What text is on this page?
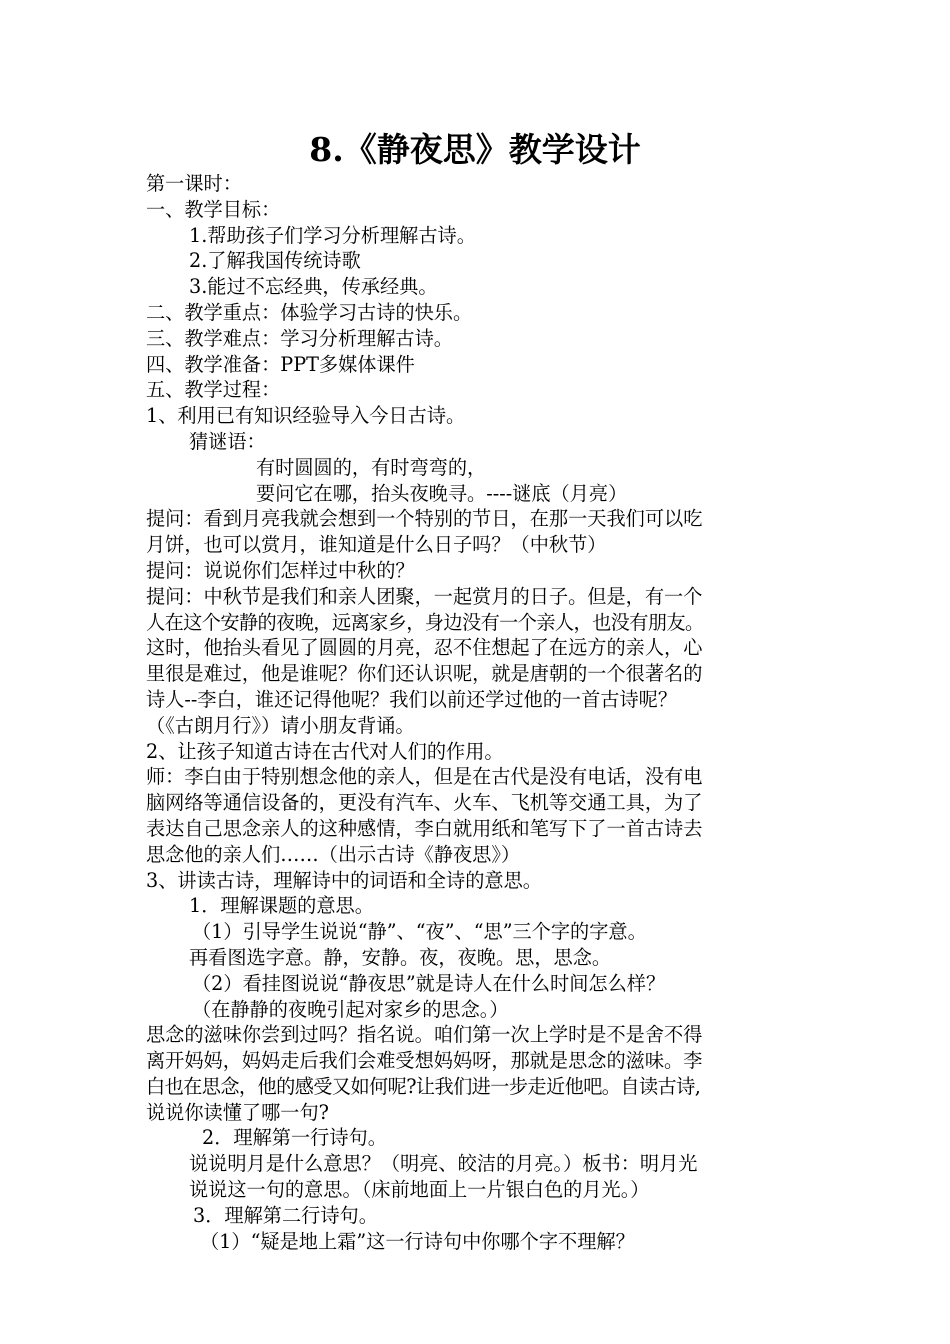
8.《静夜思》教学设计
第一课时：
一、教学目标：
1.帮助孩子们学习分析理解古诗。
2.了解我国传统诗歌
3.能过不忘经典，传承经典。
二、教学重点：体验学习古诗的快乐。
三、教学难点：学习分析理解古诗。
四、教学准备：PPT多媒体课件
五、教学过程：
1、利用已有知识经验导入今日古诗。
猜谜语：
有时圆圆的，有时弯弯的，
要问它在哪，抬头夜晚寻。----谜底（月亮）
提问：看到月亮我就会想到一个特别的节日，在那一天我们可以吃
月饼，也可以赏月，谁知道是什么日子吗？（中秋节）
提问：说说你们怎样过中秋的？
提问：中秋节是我们和亲人团聚，一起赏月的日子。但是，有一个
人在这个安静的夜晚，远离家乡，身边没有一个亲人，也没有朋友。
这时，他抬头看见了圆圆的月亮，忍不住想起了在远方的亲人，心
里很是难过，他是谁呢？你们还认识呢，就是唐朝的一个很著名的
诗人--李白，谁还记得他呢？我们以前还学过他的一首古诗呢？
（《古朗月行》）请小朋友背诵。
2、让孩子知道古诗在古代对人们的作用。
师：李白由于特别想念他的亲人，但是在古代是没有电话，没有电
脑网络等通信设备的，更没有汽车、火车、飞机等交通工具，为了
表达自己思念亲人的这种感情，李白就用纸和笔写下了一首古诗去
思念他的亲人们……（出示古诗《静夜思》）
3、讲读古诗，理解诗中的词语和全诗的意思。
1．理解课题的意思。
（1）引导学生说说“静”、“夜”、“思”三个字的字意。
再看图选字意。静，安静。夜，夜晚。思，思念。
（2）看挂图说说“静夜思”就是诗人在什么时间怎么样？
（在静静的夜晚引起对家乡的思念。）
思念的滋味你尝到过吗？指名说。咱们第一次上学时是不是舍不得
离开妈妈，妈妈走后我们会难受想妈妈呀，那就是思念的滋味。李
白也在思念，他的感受又如何呢?让我们进一步走近他吧。自读古诗,
说说你读懂了哪一句?
2．理解第一行诗句。
说说明月是什么意思？（明亮、皎洁的月亮。）板书：明月光
说说这一句的意思。（床前地面上一片银白色的月光。）
3．理解第二行诗句。
（1）“疑是地上霜”这一行诗句中你哪个字不理解？
